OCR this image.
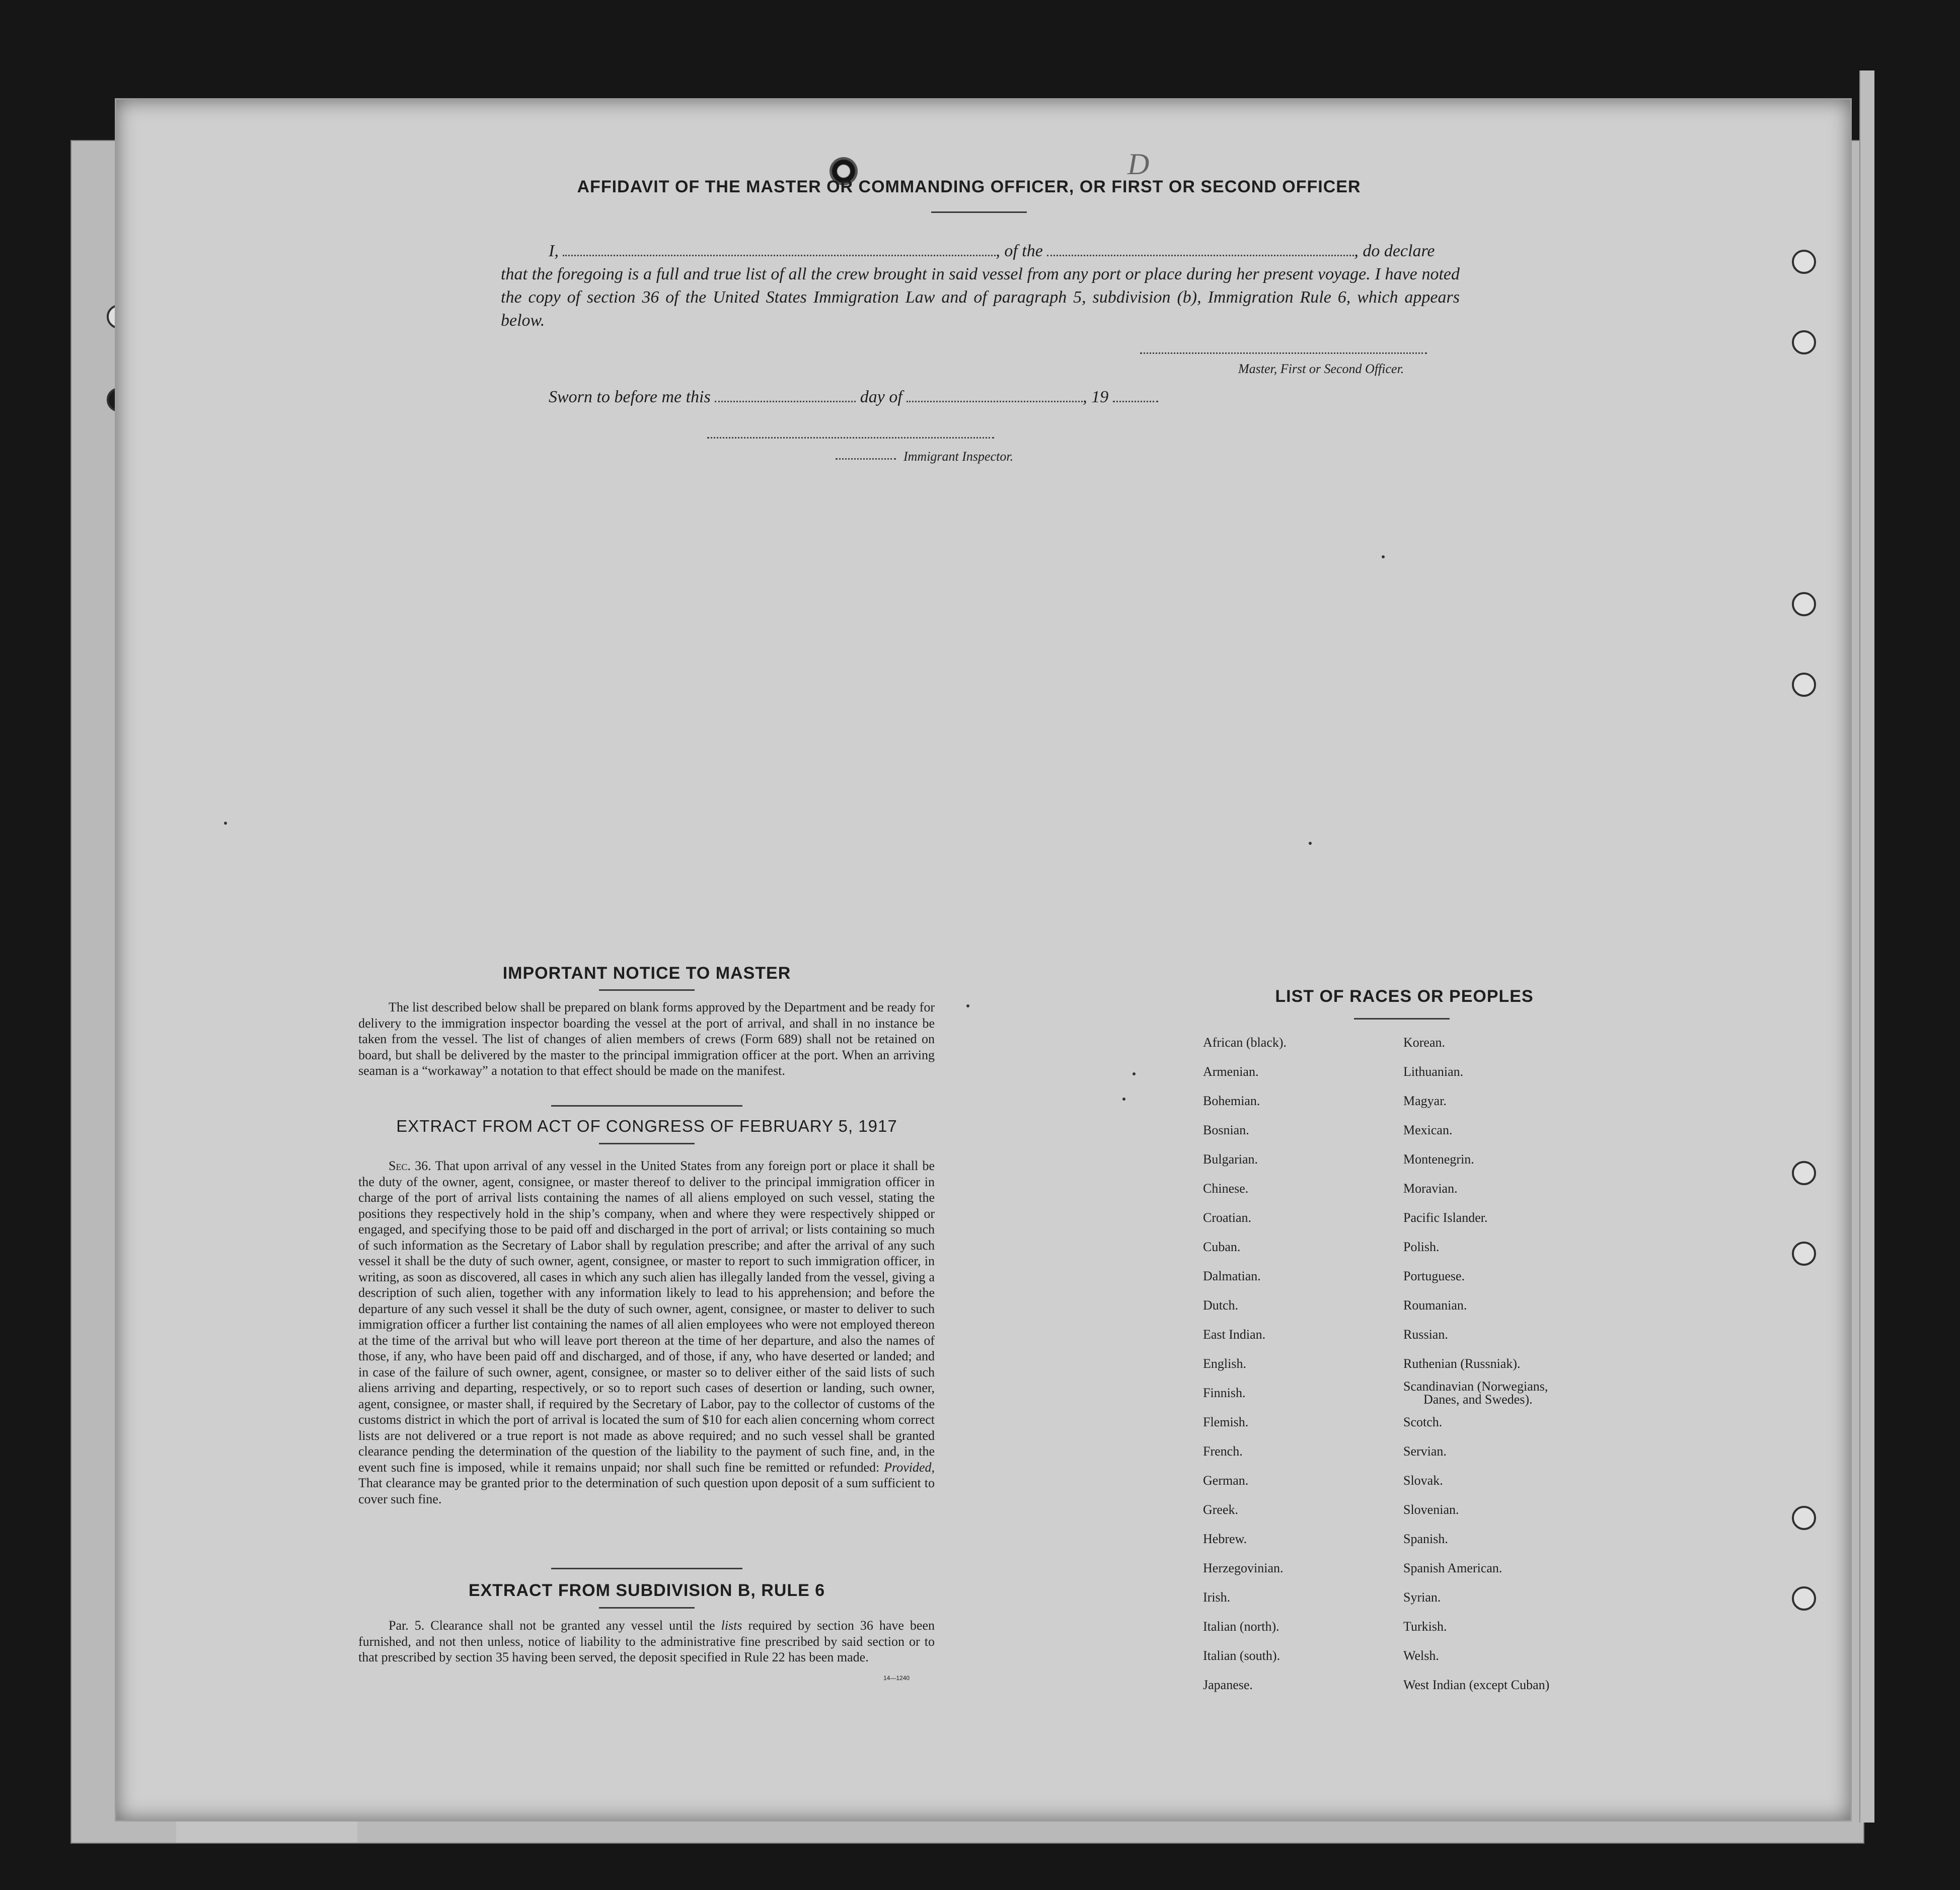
D
AFFIDAVIT OF THE MASTER OR COMMANDING OFFICER, OR FIRST OR SECOND OFFICER
I,	, of the	, do declare
that the foregoing is a full and true list of all the crew brought in said vessel from any port or place during her present voyage. I have noted the copy of section 36 of the United States Immigration Law and of paragraph 5, subdivision (b), Immigration Rule 6, which appears below.
Master, First or Second Officer.
Sworn to before me this	day of	, 19
Immigrant Inspector.
IMPORTANT NOTICE TO MASTER
The list described below shall be prepared on blank forms approved by the Department and be ready for delivery to the immigration inspector boarding the vessel at the port of arrival, and shall in no instance be taken from the vessel. The list of changes of alien members of crews (Form 689) shall not be retained on board, but shall be delivered by the master to the principal immigration officer at the port. When an arriving seaman is a “workaway” a notation to that effect should be made on the manifest.
EXTRACT FROM ACT OF CONGRESS OF FEBRUARY 5, 1917
Sec. 36. That upon arrival of any vessel in the United States from any foreign port or place it shall be the duty of the owner, agent, consignee, or master thereof to deliver to the principal immigration officer in charge of the port of arrival lists containing the names of all aliens employed on such vessel, stating the positions they respectively hold in the ship’s company, when and where they were respectively shipped or engaged, and specifying those to be paid off and discharged in the port of arrival; or lists containing so much of such information as the Secretary of Labor shall by regulation prescribe; and after the arrival of any such vessel it shall be the duty of such owner, agent, consignee, or master to report to such immigration officer, in writing, as soon as discovered, all cases in which any such alien has illegally landed from the vessel, giving a description of such alien, together with any information likely to lead to his apprehension; and before the departure of any such vessel it shall be the duty of such owner, agent, consignee, or master to deliver to such immigration officer a further list containing the names of all alien employees who were not employed thereon at the time of the arrival but who will leave port thereon at the time of her departure, and also the names of those, if any, who have been paid off and discharged, and of those, if any, who have deserted or landed; and in case of the failure of such owner, agent, consignee, or master so to deliver either of the said lists of such aliens arriving and departing, respectively, or so to report such cases of desertion or landing, such owner, agent, consignee, or master shall, if required by the Secretary of Labor, pay to the collector of customs of the customs district in which the port of arrival is located the sum of $10 for each alien concerning whom correct lists are not delivered or a true report is not made as above required; and no such vessel shall be granted clearance pending the determination of the question of the liability to the payment of such fine, and, in the event such fine is imposed, while it remains unpaid; nor shall such fine be remitted or refunded: Provided, That clearance may be granted prior to the determination of such question upon deposit of a sum sufficient to cover such fine.
EXTRACT FROM SUBDIVISION B, RULE 6
Par. 5. Clearance shall not be granted any vessel until the lists required by section 36 have been furnished, and not then unless, notice of liability to the administrative fine prescribed by said section or to that prescribed by section 35 having been served, the deposit specified in Rule 22 has been made.
14—1240
LIST OF RACES OR PEOPLES
African (black).
Armenian.
Bohemian.
Bosnian.
Bulgarian.
Chinese.
Croatian.
Cuban.
Dalmatian.
Dutch.
East Indian.
English.
Finnish.
Flemish.
French.
German.
Greek.
Hebrew.
Herzegovinian.
Irish.
Italian (north).
Italian (south).
Japanese.
Korean.
Lithuanian.
Magyar.
Mexican.
Montenegrin.
Moravian.
Pacific Islander.
Polish.
Portuguese.
Roumanian.
Russian.
Ruthenian (Russniak).
Scandinavian (Norwegians,
Danes, and Swedes).
Scotch.
Servian.
Slovak.
Slovenian.
Spanish.
Spanish American.
Syrian.
Turkish.
Welsh.
West Indian (except Cuban)
